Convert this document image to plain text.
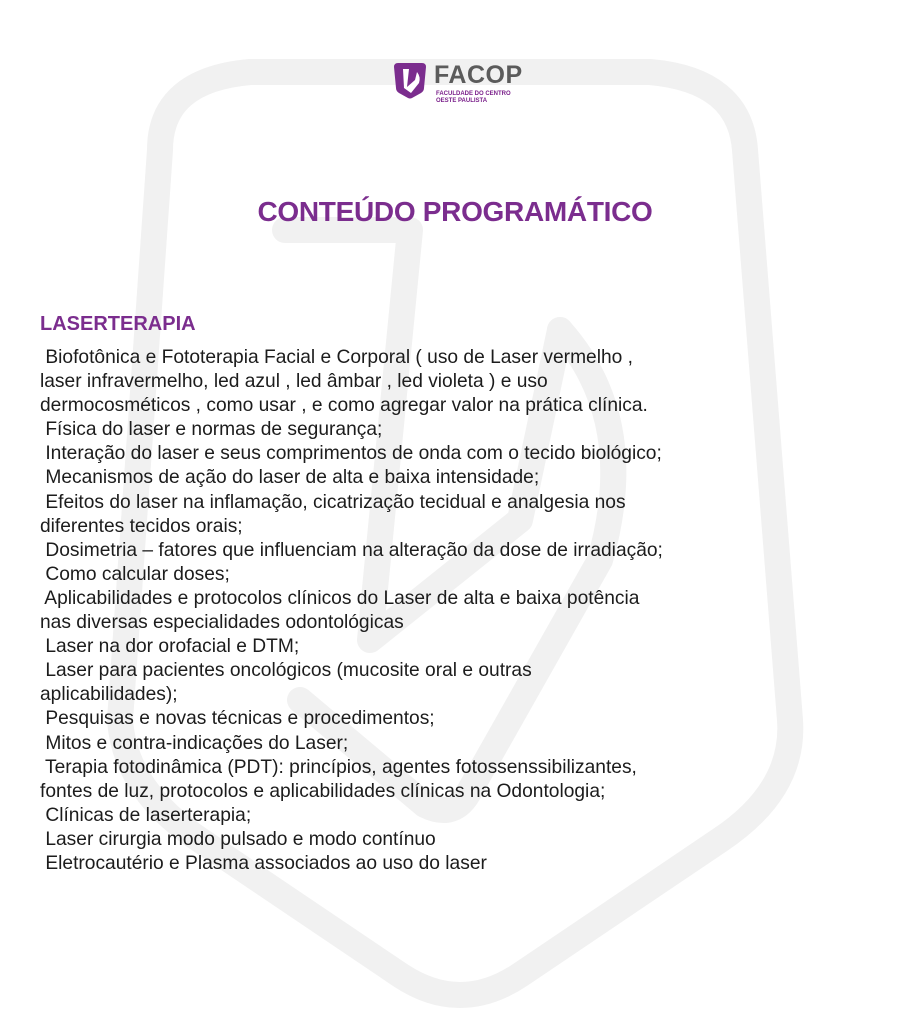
FACOP
FACULDADE DO CENTRO
OESTE PAULISTA
CONTEÚDO PROGRAMÁTICO
LASERTERAPIA
Biofotônica e Fototerapia Facial e Corporal ( uso de Laser vermelho ,
laser infravermelho, led azul , led âmbar , led violeta ) e uso
dermocosméticos , como usar , e como agregar valor na prática clínica.
Física do laser e normas de segurança;
Interação do laser e seus comprimentos de onda com o tecido biológico;
Mecanismos de ação do laser de alta e baixa intensidade;
Efeitos do laser na inflamação, cicatrização tecidual e analgesia nos
diferentes tecidos orais;
Dosimetria – fatores que influenciam na alteração da dose de irradiação;
Como calcular doses;
Aplicabilidades e protocolos clínicos do Laser de alta e baixa potência
nas diversas especialidades odontológicas
Laser na dor orofacial e DTM;
Laser para pacientes oncológicos (mucosite oral e outras
aplicabilidades);
Pesquisas e novas técnicas e procedimentos;
Mitos e contra-indicações do Laser;
Terapia fotodinâmica (PDT): princípios, agentes fotossenssibilizantes,
fontes de luz, protocolos e aplicabilidades clínicas na Odontologia;
Clínicas de laserterapia;
Laser cirurgia modo pulsado e modo contínuo
Eletrocautério e Plasma associados ao uso do laser
